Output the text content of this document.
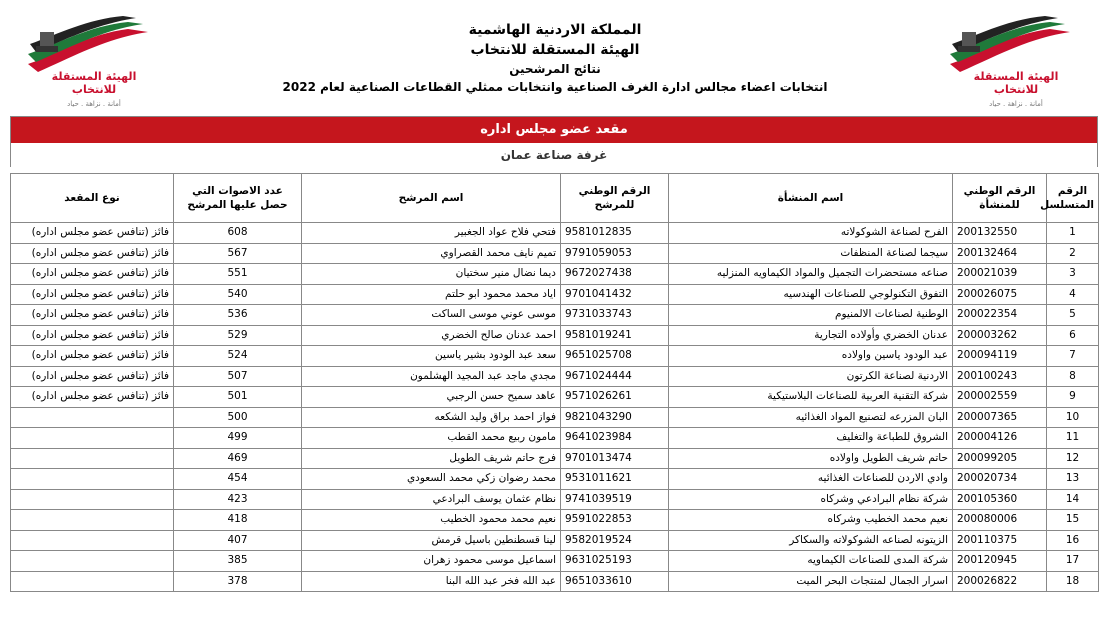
الهيئة المستقلة للانتخاب
أمانة . نزاهة . حياد
الهيئة المستقلة للانتخاب
أمانة . نزاهة . حياد
المملكة الاردنية الهاشمية
الهيئة المستقلة للانتخاب
نتائج المرشحين
انتخابات اعضاء مجالس ادارة الغرف الصناعية وانتخابات ممثلي القطاعات الصناعية لعام 2022
مقعد عضو مجلس اداره
غرفة صناعة عمان
الرقم المتسلسل	الرقم الوطني للمنشأة	اسم المنشأة	الرقم الوطني للمرشح	اسم المرشح	عدد الاصوات التي حصل عليها المرشح	نوع المقعد
1	200132550	الفرح لصناعة الشوكولاته	9581012835	فتحي فلاح عواد الجغبير	608	فائز (تنافس عضو مجلس اداره)
2	200132464	سيجما لصناعة المنظفات	9791059053	تميم نايف محمد القصراوي	567	فائز (تنافس عضو مجلس اداره)
3	200021039	صناعه مستحضرات التجميل والمواد الكيماويه المنزليه	9672027438	ديما نضال منير سختيان	551	فائز (تنافس عضو مجلس اداره)
4	200026075	التفوق التكنولوجي للصناعات الهندسيه	9701041432	اياد محمد محمود ابو حلتم	540	فائز (تنافس عضو مجلس اداره)
5	200022354	الوطنية لصناعات الالمنيوم	9731033743	موسى عوني موسى الساكت	536	فائز (تنافس عضو مجلس اداره)
6	200003262	عدنان الخضري وأولاده التجارية	9581019241	احمد عدنان صالح الخضري	529	فائز (تنافس عضو مجلس اداره)
7	200094119	عبد الودود ياسين واولاده	9651025708	سعد عبد الودود بشير ياسين	524	فائز (تنافس عضو مجلس اداره)
8	200100243	الاردنية لصناعة الكرتون	9671024444	مجدي ماجد عبد المجيد الهشلمون	507	فائز (تنافس عضو مجلس اداره)
9	200002559	شركة التقنية العربية للصناعات البلاستيكية	9571026261	عاهد سميح حسن الرجبي	501	فائز (تنافس عضو مجلس اداره)
10	200007365	البان المزرعه لتصنيع المواد الغذائيه	9821043290	فواز احمد براق وليد الشكعه	500	
11	200004126	الشروق للطباعة والتغليف	9641023984	مامون ربيع محمد القطب	499	
12	200099205	حاتم شريف الطويل واولاده	9701013474	فرج حاتم شريف الطويل	469	
13	200020734	وادي الاردن للصناعات الغذائيه	9531011621	محمد رضوان زكي محمد السعودي	454	
14	200105360	شركة نظام البرادعي وشركاه	9741039519	نظام عثمان يوسف البرادعي	423	
15	200080006	نعيم محمد الخطيب وشركاه	9591022853	نعيم محمد محمود الخطيب	418	
16	200110375	الزيتونه لصناعه الشوكولاته والسكاكر	9582019524	لينا قسطنطين باسيل قرمش	407	
17	200120945	شركة المدى للصناعات الكيماويه	9631025193	اسماعيل موسى محمود زهران	385	
18	200026822	اسرار الجمال لمنتجات البحر الميت	9651033610	عبد الله فخر عبد الله البنا	378	
